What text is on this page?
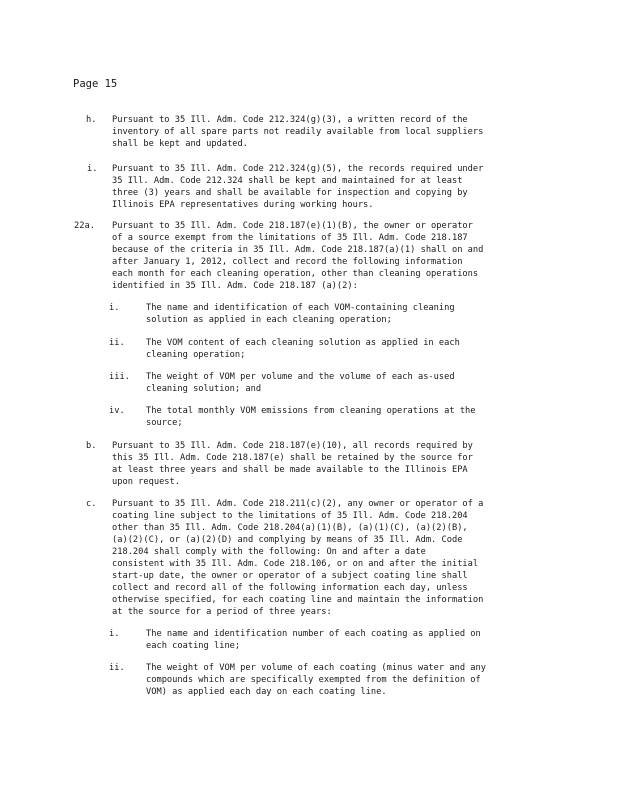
Page 15
h. Pursuant to 35 Ill. Adm. Code 212.324(g)(3), a written record of the
inventory of all spare parts not readily available from local suppliers
shall be kept and updated.
i. Pursuant to 35 Ill. Adm. Code 212.324(g)(5), the records required under
35 Ill. Adm. Code 212.324 shall be kept and maintained for at least
three (3) years and shall be available for inspection and copying by
Illinois EPA representatives during working hours.
22a. Pursuant to 35 Ill. Adm. Code 218.187(e)(1)(B), the owner or operator
of a source exempt from the limitations of 35 Ill. Adm. Code 218.187
because of the criteria in 35 Ill. Adm. Code 218.187(a)(1) shall on and
after January 1, 2012, collect and record the following information
each month for each cleaning operation, other than cleaning operations
identified in 35 Ill. Adm. Code 218.187 (a)(2):
i.	The name and identification of each VOM-containing cleaning
solution as applied in each cleaning operation;
ii. The VOM content of each cleaning solution as applied in each
cleaning operation;
iii. The weight of VOM per volume and the volume of each as-used
cleaning solution; and
iv. The total monthly VOM emissions from cleaning operations at the
source;
b. Pursuant to 35 Ill. Adm. Code 218.187(e)(10), all records required by
this 35 Ill. Adm. Code 218.187(e) shall be retained by the source for
at least three years and shall be made available to the Illinois EPA
upon request.
c. Pursuant to 35 Ill. Adm. Code 218.211(c)(2), any owner or operator of a
coating line subject to the limitations of 35 Ill. Adm. Code 218.204
other than 35 Ill. Adm. Code 218.204(a)(1)(B), (a)(1)(C), (a)(2)(B),
(a)(2)(C), or (a)(2)(D) and complying by means of 35 Ill. Adm. Code
218.204 shall comply with the following: On and after a date
consistent with 35 Ill. Adm. Code 218.106, or on and after the initial
start-up date, the owner or operator of a subject coating line shall
collect and record all of the following information each day, unless
otherwise specified, for each coating line and maintain the information
at the source for a period of three years:
i.	The name and identification number of each coating as applied on
each coating line;
ii. The weight of VOM per volume of each coating (minus water and any
compounds which are specifically exempted from the definition of
VOM) as applied each day on each coating line.
